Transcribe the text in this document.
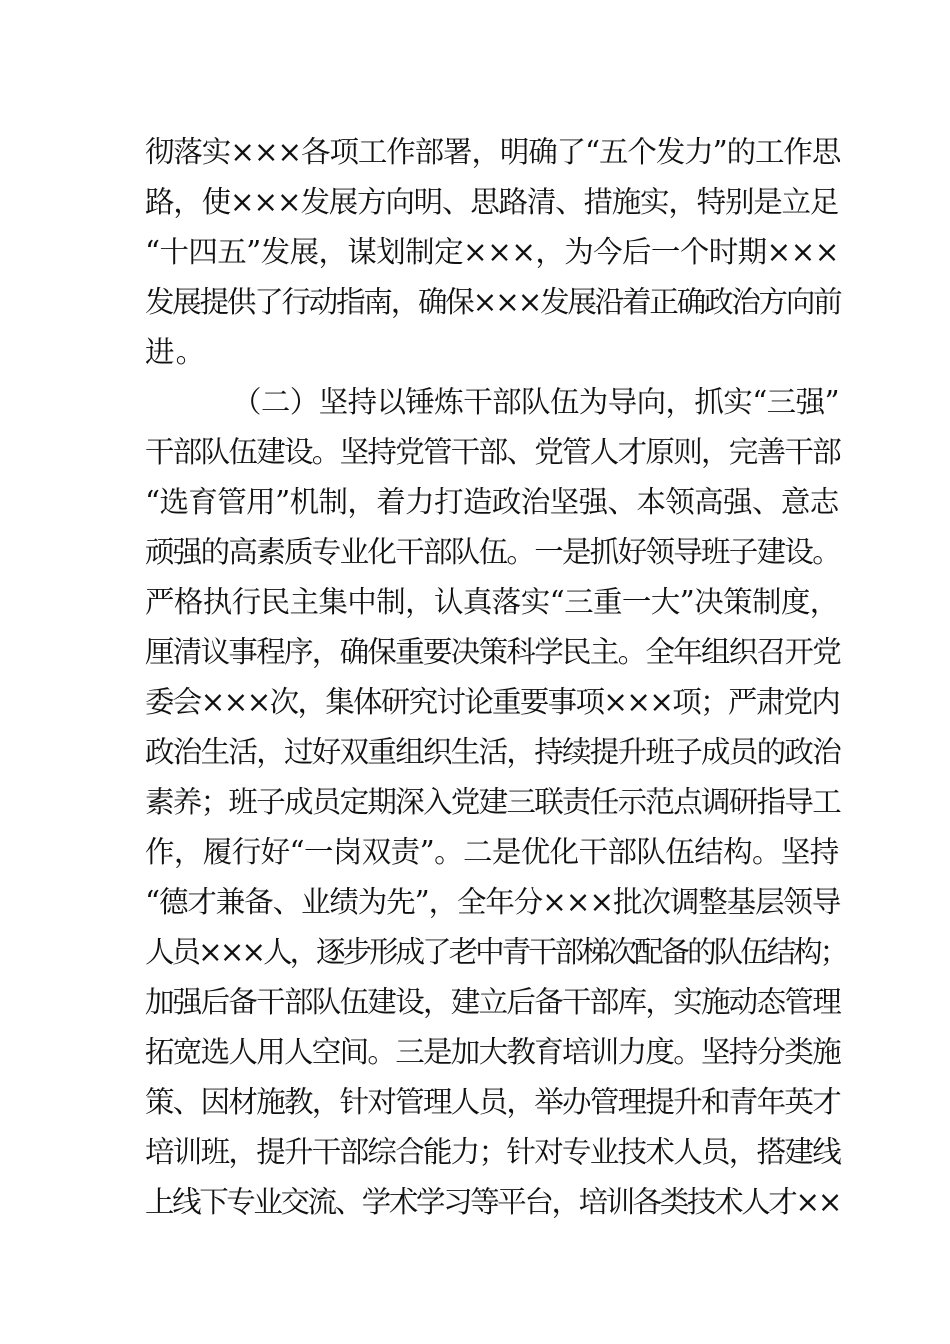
彻落实×××各项工作部署，明确了“五个发力”的工作思
路，使×××发展方向明、思路清、措施实，特别是立足
“十四五”发展，谋划制定×××，为今后一个时期×××
发展提供了行动指南，确保×××发展沿着正确政治方向前
进。
（二）坚持以锤炼干部队伍为导向，抓实“三强”
干部队伍建设。坚持党管干部、党管人才原则，完善干部
“选育管用”机制，着力打造政治坚强、本领高强、意志
顽强的高素质专业化干部队伍。一是抓好领导班子建设。
严格执行民主集中制，认真落实“三重一大”决策制度，
厘清议事程序，确保重要决策科学民主。全年组织召开党
委会×××次，集体研究讨论重要事项×××项；严肃党内
政治生活，过好双重组织生活，持续提升班子成员的政治
素养；班子成员定期深入党建三联责任示范点调研指导工
作，履行好“一岗双责”。二是优化干部队伍结构。坚持
“德才兼备、业绩为先”，全年分×××批次调整基层领导
人员×××人，逐步形成了老中青干部梯次配备的队伍结构；
加强后备干部队伍建设，建立后备干部库，实施动态管理
拓宽选人用人空间。三是加大教育培训力度。坚持分类施
策、因材施教，针对管理人员，举办管理提升和青年英才
培训班，提升干部综合能力；针对专业技术人员，搭建线
上线下专业交流、学术学习等平台，培训各类技术人才××
